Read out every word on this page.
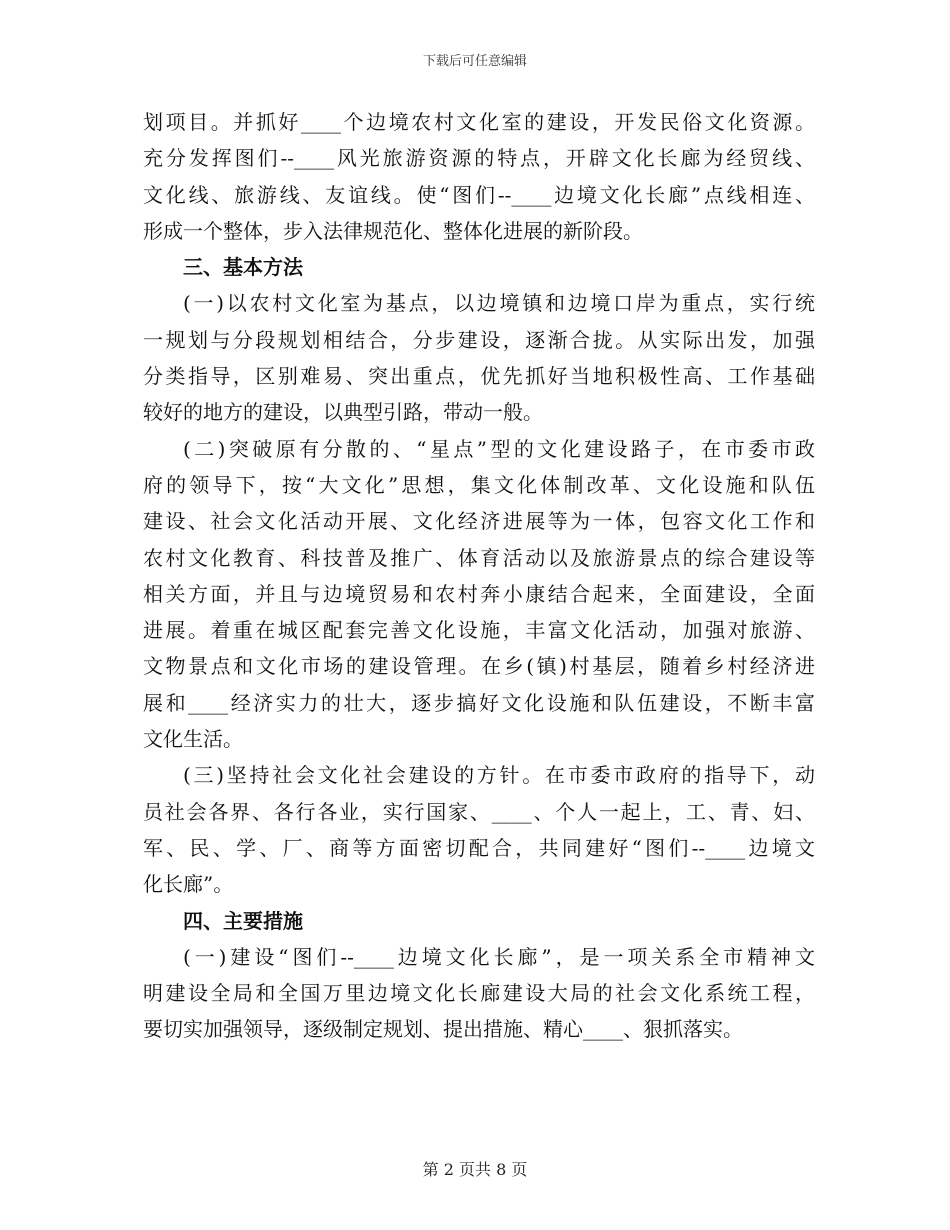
下载后可任意编辑
划项目。并抓好____个边境农村文化室的建设，开发民俗文化资源。
充分发挥图们--____风光旅游资源的特点，开辟文化长廊为经贸线、
文化线、旅游线、友谊线。使“图们--____边境文化长廊”点线相连、
形成一个整体，步入法律规范化、整体化进展的新阶段。
三、基本方法
(一)以农村文化室为基点，以边境镇和边境口岸为重点，实行统
一规划与分段规划相结合，分步建设，逐渐合拢。从实际出发，加强
分类指导，区别难易、突出重点，优先抓好当地积极性高、工作基础
较好的地方的建设，以典型引路，带动一般。
(二)突破原有分散的、“星点”型的文化建设路子，在市委市政
府的领导下，按“大文化”思想，集文化体制改革、文化设施和队伍
建设、社会文化活动开展、文化经济进展等为一体，包容文化工作和
农村文化教育、科技普及推广、体育活动以及旅游景点的综合建设等
相关方面，并且与边境贸易和农村奔小康结合起来，全面建设，全面
进展。着重在城区配套完善文化设施，丰富文化活动，加强对旅游、
文物景点和文化市场的建设管理。在乡(镇)村基层，随着乡村经济进
展和____经济实力的壮大，逐步搞好文化设施和队伍建设，不断丰富
文化生活。
(三)坚持社会文化社会建设的方针。在市委市政府的指导下，动
员社会各界、各行各业，实行国家、____、个人一起上，工、青、妇、
军、民、学、厂、商等方面密切配合，共同建好“图们--____边境文
化长廊”。
四、主要措施
(一)建设“图们--____边境文化长廊”，是一项关系全市精神文
明建设全局和全国万里边境文化长廊建设大局的社会文化系统工程，
要切实加强领导，逐级制定规划、提出措施、精心____、狠抓落实。
第 2 页共 8 页
